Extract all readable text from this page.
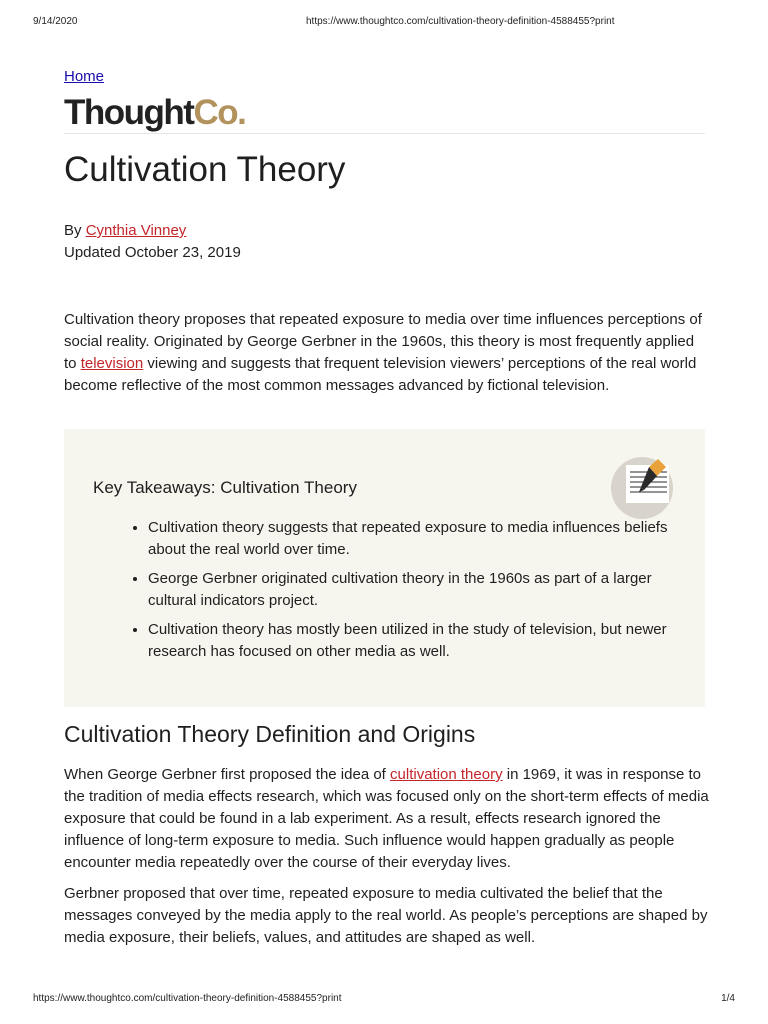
9/14/2020	https://www.thoughtco.com/cultivation-theory-definition-4588455?print
Home
ThoughtCo.
Cultivation Theory
By Cynthia Vinney
Updated October 23, 2019

Cultivation theory proposes that repeated exposure to media over time influences perceptions of social reality. Originated by George Gerbner in the 1960s, this theory is most frequently applied to television viewing and suggests that frequent television viewers’ perceptions of the real world become reflective of the most common messages advanced by fictional television.

Key Takeaways: Cultivation Theory
• Cultivation theory suggests that repeated exposure to media influences beliefs about the real world over time.
• George Gerbner originated cultivation theory in the 1960s as part of a larger cultural indicators project.
• Cultivation theory has mostly been utilized in the study of television, but newer research has focused on other media as well.
Cultivation Theory Definition and Origins

When George Gerbner first proposed the idea of cultivation theory in 1969, it was in response to the tradition of media effects research, which was focused only on the short-term effects of media exposure that could be found in a lab experiment. As a result, effects research ignored the influence of long-term exposure to media. Such influence would happen gradually as people encounter media repeatedly over the course of their everyday lives.

Gerbner proposed that over time, repeated exposure to media cultivated the belief that the messages conveyed by the media apply to the real world. As people’s perceptions are shaped by media exposure, their beliefs, values, and attitudes are shaped as well.

https://www.thoughtco.com/cultivation-theory-definition-4588455?print	1/4
